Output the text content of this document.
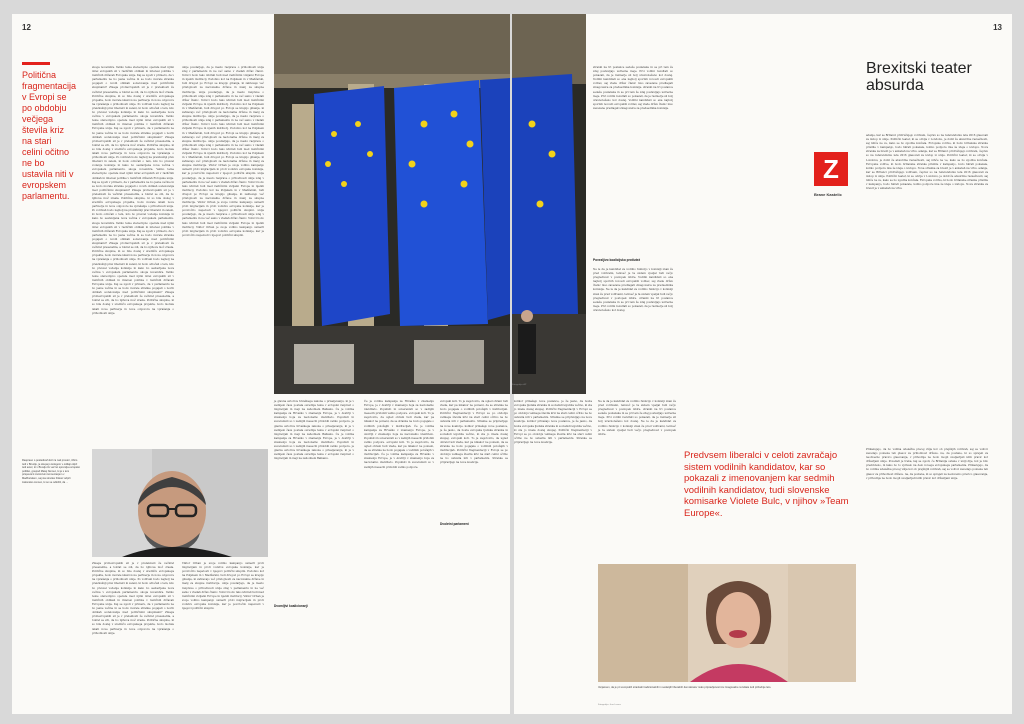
12
Politična fragmentacija v Evropi se po obdobju večjega števila kriz na stari celini očitno ne bo ustavila niti v evropskem parlamentu.
skoga novembra. Veliko teme stereotipno operate med njimi izraz evropskih sil v različnih oblikah in interesi politike v različnih državah Evropske unije. Kaj se zgodi v primeru, da v parlamentu ne bo jasne večine in se bodo morale stranke pogajati o novih oblikah sodelovanja med političnimi skupinami? Zmaga protievropskih sil je v preteklosti že večkrat presenetila, a tokrat se zdi, da bo njihova moč zrasla. Politične skupine, ki so bile doslej v središču evropskega projekta, bodo morale iskati nove partnerje in nove odgovore na vprašanja o prihodnosti unije. Po volitvah bodo najbolj na preizkušnji prav liberalci in zeleni, ki bodo odločali o tem, kdo bo prevzel vodenje komisije in kako bo sestavljena nova večina v evropskem parlamentu. skoga novembra. Veliko teme stereotipno operate med njimi izraz evropskih sil v različnih oblikah in interesi politike v različnih državah Evropske unije. Kaj se zgodi v primeru, da v parlamentu ne bo jasne večine in se bodo morale stranke pogajati o novih oblikah sodelovanja med političnimi skupinami? Zmaga protievropskih sil je v preteklosti že večkrat presenetila, a tokrat se zdi, da bo njihova moč zrasla. Politične skupine, ki so bile doslej v središču evropskega projekta, bodo morale iskati nove partnerje in nove odgovore na vprašanja o prihodnosti unije. Po volitvah bodo najbolj na preizkušnji prav liberalci in zeleni, ki bodo odločali o tem, kdo bo prevzel vodenje komisije in kako bo sestavljena nova večina v evropskem parlamentu. skoga novembra. Veliko teme stereotipno operate med njimi izraz evropskih sil v različnih oblikah in interesi politike v različnih državah Evropske unije. Kaj se zgodi v primeru, da v parlamentu ne bo jasne večine in se bodo morale stranke pogajati o novih oblikah sodelovanja med političnimi skupinami? Zmaga protievropskih sil je v preteklosti že večkrat presenetila, a tokrat se zdi, da bo njihova moč zrasla. Politične skupine, ki so bile doslej v središču evropskega projekta, bodo morale iskati nove partnerje in nove odgovore na vprašanja o prihodnosti unije. Po volitvah bodo najbolj na preizkušnji prav liberalci in zeleni, ki bodo odločali o tem, kdo bo prevzel vodenje komisije in kako bo sestavljena nova večina v evropskem parlamentu. skoga novembra. Veliko teme stereotipno operate med njimi izraz evropskih sil v različnih oblikah in interesi politike v različnih državah Evropske unije. Kaj se zgodi v primeru, da v parlamentu ne bo jasne večine in se bodo morale stranke pogajati o novih oblikah sodelovanja med političnimi skupinami? Zmaga protievropskih sil je v preteklosti že večkrat presenetila, a tokrat se zdi, da bo njihova moč zrasla. Politične skupine, ki so bile doslej v središču evropskega projekta, bodo morale iskati nove partnerje in nove odgovore na vprašanja o prihodnosti unije. Po volitvah bodo najbolj na preizkušnji prav liberalci in zeleni, ki bodo odločali o tem, kdo bo prevzel vodenje komisije in kako bo sestavljena nova večina v evropskem parlamentu. skoga novembra. Veliko teme stereotipno operate med njimi izraz evropskih sil v različnih oblikah in interesi politike v različnih državah Evropske unije. Kaj se zgodi v primeru, da v parlamentu ne bo jasne večine in se bodo morale stranke pogajati o novih oblikah sodelovanja med političnimi skupinami? Zmaga protievropskih sil je v preteklosti že večkrat presenetila, a tokrat se zdi, da bo njihova moč zrasla. Politične skupine, ki so bile doslej v središču evropskega projekta, bodo morale iskati nove partnerje in nove odgovore na vprašanja o prihodnosti unije.
unije poudarjajo, da je mesto razprave o prihodnosti unije zdaj v parlamentu in ne več samo v vladah držav članic. Volivci bodo tako izbirali tudi med različnimi vizijami Evrope in njenih institucij. Podobno kot na Poljskem in v Madžarski, tudi drugod po Evropi se krepijo gibanja, ki zahtevajo več pristojnosti za nacionalne države in manj za skupne institucije. unije poudarjajo, da je mesto razprave o prihodnosti unije zdaj v parlamentu in ne več samo v vladah držav članic. Volivci bodo tako izbirali tudi med različnimi vizijami Evrope in njenih institucij. Podobno kot na Poljskem in v Madžarski, tudi drugod po Evropi se krepijo gibanja, ki zahtevajo več pristojnosti za nacionalne države in manj za skupne institucije. unije poudarjajo, da je mesto razprave o prihodnosti unije zdaj v parlamentu in ne več samo v vladah držav članic. Volivci bodo tako izbirali tudi med različnimi vizijami Evrope in njenih institucij. Podobno kot na Poljskem in v Madžarski, tudi drugod po Evropi se krepijo gibanja, ki zahtevajo več pristojnosti za nacionalne države in manj za skupne institucije. unije poudarjajo, da je mesto razprave o prihodnosti unije zdaj v parlamentu in ne več samo v vladah držav članic. Volivci bodo tako izbirali tudi med različnimi vizijami Evrope in njenih institucij. Podobno kot na Poljskem in v Madžarski, tudi drugod po Evropi se krepijo gibanja, ki zahtevajo več pristojnosti za nacionalne države in manj za skupne institucije. Viktor Orban je svoje volilno kampanjo usmeril proti migracijam in proti vodstvu evropske komisije, kar je povzročilo napetosti v njegovi politični skupini. unije poudarjajo, da je mesto razprave o prihodnosti unije zdaj v parlamentu in ne več samo v vladah držav članic. Volivci bodo tako izbirali tudi med različnimi vizijami Evrope in njenih institucij. Podobno kot na Poljskem in v Madžarski, tudi drugod po Evropi se krepijo gibanja, ki zahtevajo več pristojnosti za nacionalne države in manj za skupne institucije. Viktor Orban je svoje volilno kampanjo usmeril proti migracijam in proti vodstvu evropske komisije, kar je povzročilo napetosti v njegovi politični skupini. unije poudarjajo, da je mesto razprave o prihodnosti unije zdaj v parlamentu in ne več samo v vladah držav članic. Volivci bodo tako izbirali tudi med različnimi vizijami Evrope in njenih institucij. Viktor Orban je svoje volilno kampanjo usmeril proti migracijam in proti vodstvu evropske komisije, kar je povzročilo napetosti v njegovi politični skupini.
Raspravo o posledicah EU za naš prostor, izbiro tudi v Bruslju, je skupaj s kolegom v oddaji odprl tudi avtor, ki v Bruslju že več let spremlja evropsko politiko, gospod Matej Nemec, ki je s tem prispeval k zanimivim komentarjem v Madžarskem, saj sta stranke Fidesz odprli zakonsko osnovo, ki so se odločili, da ...
Zmaga protievropskih sil je v preteklosti že večkrat presenetila, a tokrat se zdi, da bo njihova moč zrasla. Politične skupine, ki so bile doslej v središču evropskega projekta, bodo morale iskati nove partnerje in nove odgovore na vprašanja o prihodnosti unije. Po volitvah bodo najbolj na preizkušnji prav liberalci in zeleni, ki bodo odločali o tem, kdo bo prevzel vodenje komisije in kako bo sestavljena nova večina v evropskem parlamentu. skoga novembra. Veliko teme stereotipno operate med njimi izraz evropskih sil v različnih oblikah in interesi politike v različnih državah Evropske unije. Kaj se zgodi v primeru, da v parlamentu ne bo jasne večine in se bodo morale stranke pogajati o novih oblikah sodelovanja med političnimi skupinami? Zmaga protievropskih sil je v preteklosti že večkrat presenetila, a tokrat se zdi, da bo njihova moč zrasla. Politične skupine, ki so bile doslej v središču evropskega projekta, bodo morale iskati nove partnerje in nove odgovore na vprašanja o prihodnosti unije.
Viktor Orban je svoje volilno kampanjo usmeril proti migracijam in proti vodstvu evropske komisije, kar je povzročilo napetosti v njegovi politični skupini. Podobno kot na Poljskem in v Madžarski, tudi drugod po Evropi se krepijo gibanja, ki zahtevajo več pristojnosti za nacionalne države in manj za skupne institucije. unije poudarjajo, da je mesto razprave o prihodnosti unije zdaj v parlamentu in ne več samo v vladah držav članic. Volivci bodo tako izbirali tudi med različnimi vizijami Evrope in njenih institucij. Viktor Orban je svoje volilno kampanjo usmeril proti migracijam in proti vodstvu evropske komisije, kar je povzročilo napetosti v njegovi politični skupini.
je glavna avtorica hrvaškega zakona o priseljevanju, ki je v zadnjem času postala osrednja tema v evropski razpravi o migracijah in meji na zahodnem Balkanu. Če je volilna kampanja za Hrvaško v znamenju Evrope, je v Avstriji v znamenju boja za nacionalno identiteto. Populisti in suverenisti so v zadnjih mesecih pridobili veliko podpore. je glavna avtorica hrvaškega zakona o priseljevanju, ki je v zadnjem času postala osrednja tema v evropski razpravi o migracijah in meji na zahodnem Balkanu. Če je volilna kampanja za Hrvaško v znamenju Evrope, je v Avstriji v znamenju boja za nacionalno identiteto. Populisti in suverenisti so v zadnjih mesecih pridobili veliko podpore. je glavna avtorica hrvaškega zakona o priseljevanju, ki je v zadnjem času postala osrednja tema v evropski razpravi o migracijah in meji na zahodnem Balkanu.
Dvomljivi koalicionarji
Če je volilna kampanja za Hrvaško v znamenju Evrope, je v Avstriji v znamenju boja za nacionalno identiteto. Populisti in suverenisti so v zadnjih mesecih pridobili veliko podpore. evropski koti. To je zagotovilo, da ugled ohrani tudi vlada, kar pa nikakor ne pomeni, da se stranke ne bodo pogajale o vodilnih položajih v institucijah. Če je volilna kampanja za Hrvaško v znamenju Evrope, je v Avstriji v znamenju boja za nacionalno identiteto. Populisti in suverenisti so v zadnjih mesecih pridobili veliko podpore. evropski koti. To je zagotovilo, da ugled ohrani tudi vlada, kar pa nikakor ne pomeni, da se stranke ne bodo pogajale o vodilnih položajih v institucijah. Če je volilna kampanja za Hrvaško v znamenju Evrope, je v Avstriji v znamenju boja za nacionalno identiteto. Populisti in suverenisti so v zadnjih mesecih pridobili veliko podpore.
evropski koti. To je zagotovilo, da ugled ohrani tudi vlada, kar pa nikakor ne pomeni, da se stranke ne bodo pogajale o vodilnih položajih v institucijah. Politični fragmentaciji v Evropi se po obdobju velikega števila kriz na stari celini očitno ne bo ustavila niti v parlamentu. Stranke se pripravljajo na nove koalicije. kolikor prinašajo nove poslance, je že jasno, da bosta evropska ljudska stranka in socialisti izgubila večino, ki sta jo imela doslej skupaj. evropski koti. To je zagotovilo, da ugled ohrani tudi vlada, kar pa nikakor ne pomeni, da se stranke ne bodo pogajale o vodilnih položajih v institucijah. Politični fragmentaciji v Evropi se po obdobju velikega števila kriz na stari celini očitno ne bo ustavila niti v parlamentu. Stranke se pripravljajo na nove koalicije.
Dvoletni parlament
13
Fotografija: AP
stranki na tri poslance sedeže poslanske in se pri tem že zdaj postavljajo ustrezne meje. Prvi volilni rezultati so pokazali, da je razmerje sil bolj uravnoteženo kot doslej. Vodilni kandidati so ena najbolj spornih novosti evropskih volitev, saj vlade držav članic niso zavezane predlagati zmagovalca za predsednika komisije. stranki na tri poslance sedeže poslanske in se pri tem že zdaj postavljajo ustrezne meje. Prvi volilni rezultati so pokazali, da je razmerje sil bolj uravnoteženo kot doslej. Vodilni kandidati so ena najbolj spornih novosti evropskih volitev, saj vlade držav članic niso zavezane predlagati zmagovalca za predsednika komisije.
Povezljivo koalicijsko protiutež
Ne le da je kandidat za vodilno funkcijo v komisiji znan že pred volitvami, temveč je ta sistem vpeljal tudi večjo preglednost v postopek izbire. Vodilni kandidati so ena najbolj spornih novosti evropskih volitev, saj vlade držav članic niso zavezane predlagati zmagovalca za predsednika komisije. Ne le da je kandidat za vodilno funkcijo v komisiji znan že pred volitvami, temveč je ta sistem vpeljal tudi večjo preglednost v postopek izbire. stranki na tri poslance sedeže poslanske in se pri tem že zdaj postavljajo ustrezne meje. Prvi volilni rezultati so pokazali, da je razmerje sil bolj uravnoteženo kot doslej.
Z
Brane Kastelic
Brexitski teater absurda
adanje, kar se Britanci pridružujejo volitvam, čeprav so na referendumu leta 2016 glasovali za izstop iz unije. Politični teater, ki se odvija v Londonu, je dobil že absurdne razsežnosti, saj nihče ne ve, kako se bo zgodba končala. Evropske volitve, ki bodo britanske stranke prisilile v kampanjo, bodo hkrati pokazale, koliko podpore ima še ideja o izstopu. Nova stranka za brexit je v anketah na vrhu. adanje, kar se Britanci pridružujejo volitvam, čeprav so na referendumu leta 2016 glasovali za izstop iz unije. Politični teater, ki se odvija v Londonu, je dobil že absurdne razsežnosti, saj nihče ne ve, kako se bo zgodba končala. Evropske volitve, ki bodo britanske stranke prisilile v kampanjo, bodo hkrati pokazale, koliko podpore ima še ideja o izstopu. Nova stranka za brexit je v anketah na vrhu. adanje, kar se Britanci pridružujejo volitvam, čeprav so na referendumu leta 2016 glasovali za izstop iz unije. Politični teater, ki se odvija v Londonu, je dobil že absurdne razsežnosti, saj nihče ne ve, kako se bo zgodba končala. Evropske volitve, ki bodo britanske stranke prisilile v kampanjo, bodo hkrati pokazale, koliko podpore ima še ideja o izstopu. Nova stranka za brexit je v anketah na vrhu.
kolikor prinašajo nove poslance, je že jasno, da bosta evropska ljudska stranka in socialisti izgubila večino, ki sta jo imela doslej skupaj. Politični fragmentaciji v Evropi se po obdobju velikega števila kriz na stari celini očitno ne bo ustavila niti v parlamentu. Stranke se pripravljajo na nove koalicije. kolikor prinašajo nove poslance, je že jasno, da bosta evropska ljudska stranka in socialisti izgubila večino, ki sta jo imela doslej skupaj. Politični fragmentaciji v Evropi se po obdobju velikega števila kriz na stari celini očitno ne bo ustavila niti v parlamentu. Stranke se pripravljajo na nove koalicije.
Ne le da je kandidat za vodilno funkcijo v komisiji znan že pred volitvami, temveč je ta sistem vpeljal tudi večjo preglednost v postopek izbire. stranki na tri poslance sedeže poslanske in se pri tem že zdaj postavljajo ustrezne meje. Prvi volilni rezultati so pokazali, da je razmerje sil bolj uravnoteženo kot doslej. Ne le da je kandidat za vodilno funkcijo v komisiji znan že pred volitvami, temveč je ta sistem vpeljal tudi večjo preglednost v postopek izbire.
Predvsem liberalci v celoti zavračajo sistem vodilnih kandidatov, kar so pokazali z imenovanjem kar sedmih vodilnih kandidatov, tudi slovenske komisarke Violete Bulc, v njihov »Team Europe«.
Prikazujejo, da bo volilna udeležba precej višja kot ob prejšnjih volitvah, saj se volivci zavedajo pomena teh glasov za prihodnost države. na, da postane, ki so sprejeli za neobvezno pravico glasovanja, v prihodnje ne bodo mogli uveljavljati istih pravic kot državljani unije. Povedati je treba, kaj se zgodi, če Britanija ostane v uniji dlje, kot je bilo predvideno, in kako bo to vplivalo na delo novega evropskega parlamenta. Prikazujejo, da bo volilna udeležba precej višja kot ob prejšnjih volitvah, saj se volivci zavedajo pomena teh glasov za prihodnost države. na, da postane, ki so sprejeli za neobvezno pravico glasovanja, v prihodnje ne bodo mogli uveljavljati istih pravic kot državljani unije.
Verjamem, da je pri evropskih strankah tradicionalnih in sedanjih liberalnih demokratov malo pripravljenosti za zmagovalne rezultate tudi prihodnje leto.
Fotografija: Jure Lovrec
